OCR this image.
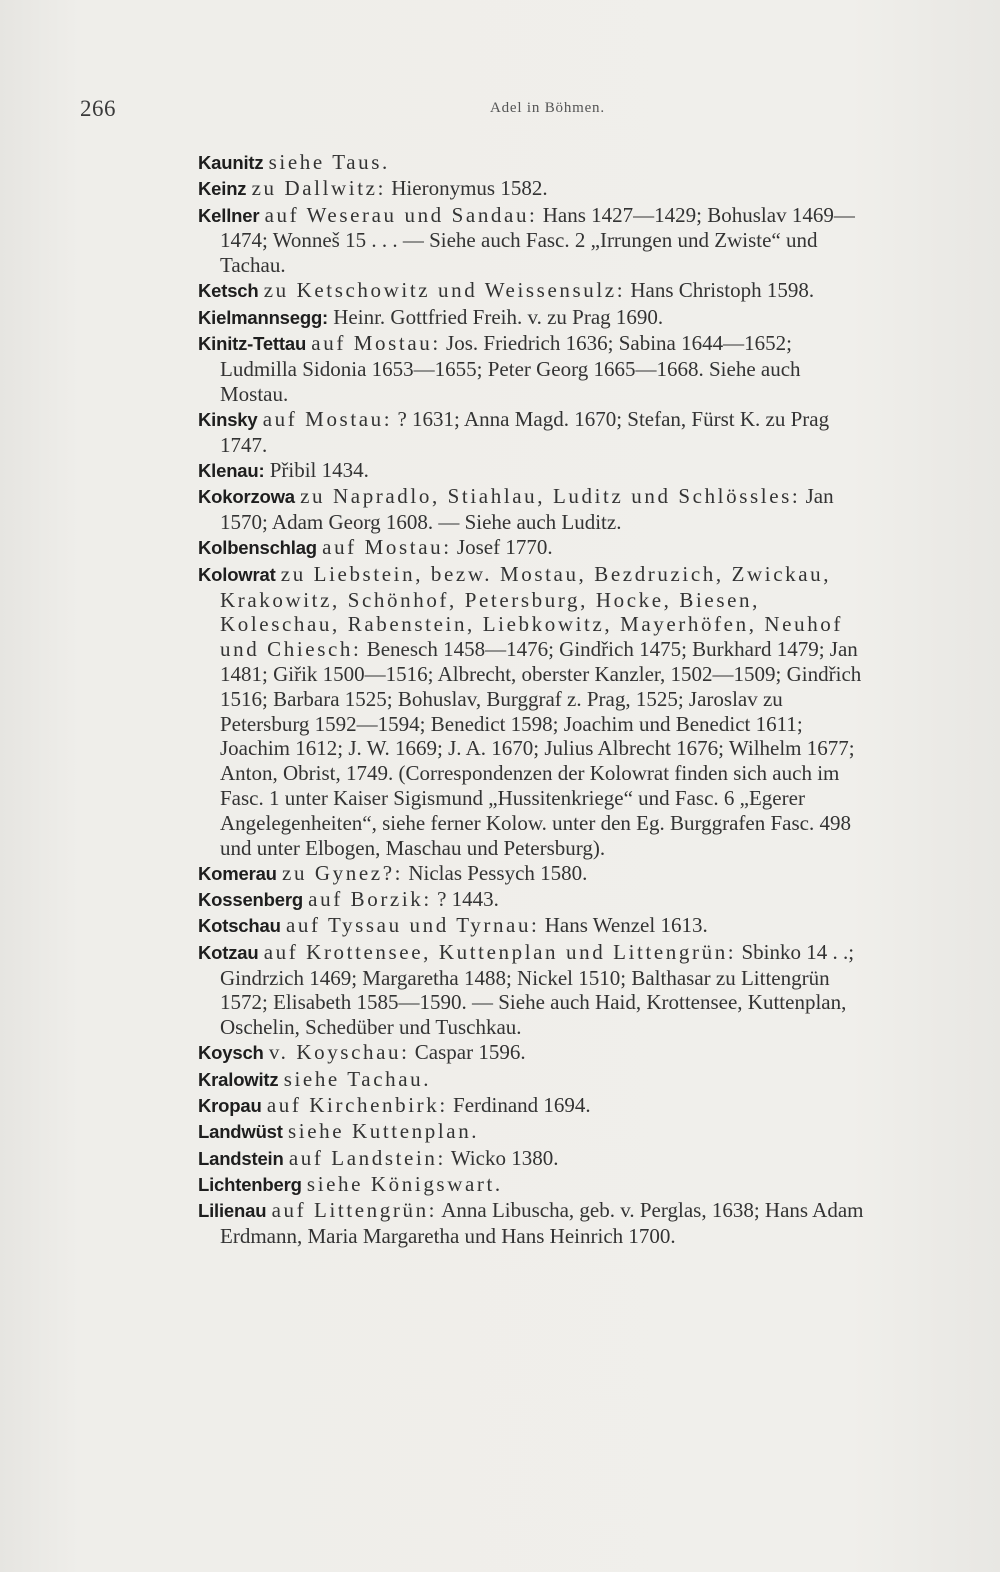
266	Adel in Böhmen.

Kaunitz siehe Taus.

Keinz zu Dallwitz: Hieronymus 1582.

Kellner auf Weserau und Sandau: Hans 1427—1429; Bohuslav 1469—1474; Wonneš 15 . . . — Siehe auch Fasc. 2 „Irrungen und Zwiste“ und Tachau.

Ketsch zu Ketschowitz und Weissensulz: Hans Christoph 1598.

Kielmannsegg: Heinr. Gottfried Freih. v. zu Prag 1690.

Kinitz-Tettau auf Mostau: Jos. Friedrich 1636; Sabina 1644—1652; Ludmilla Sidonia 1653—1655; Peter Georg 1665—1668. Siehe auch Mostau.

Kinsky auf Mostau: ? 1631; Anna Magd. 1670; Stefan, Fürst K. zu Prag 1747.

Klenau: Přibil 1434.

Kokorzowa zu Napradlo, Stiahlau, Luditz und Schlössles: Jan 1570; Adam Georg 1608. — Siehe auch Luditz.

Kolbenschlag auf Mostau: Josef 1770.

Kolowrat zu Liebstein, bezw. Mostau, Bezdruzich, Zwickau, Krakowitz, Schönhof, Petersburg, Hocke, Biesen, Koleschau, Rabenstein, Liebkowitz, Mayerhöfen, Neuhof und Chiesch: Benesch 1458—1476; Gindřich 1475; Burkhard 1479; Jan 1481; Giřik 1500—1516; Albrecht, oberster Kanzler, 1502—1509; Gindřich 1516; Barbara 1525; Bohuslav, Burggraf z. Prag, 1525; Jaroslav zu Petersburg 1592—1594; Benedict 1598; Joachim und Benedict 1611; Joachim 1612; J. W. 1669; J. A. 1670; Julius Albrecht 1676; Wilhelm 1677; Anton, Obrist, 1749. (Correspondenzen der Kolowrat finden sich auch im Fasc. 1 unter Kaiser Sigismund „Hussitenkriege“ und Fasc. 6 „Egerer Angelegenheiten“, siehe ferner Kolow. unter den Eg. Burggrafen Fasc. 498 und unter Elbogen, Maschau und Petersburg).

Komerau zu Gynez?: Niclas Pessych 1580.

Kossenberg auf Borzik: ? 1443.

Kotschau auf Tyssau und Tyrnau: Hans Wenzel 1613.

Kotzau auf Krottensee, Kuttenplan und Littengrün: Sbinko 14 . .; Gindrzich 1469; Margaretha 1488; Nickel 1510; Balthasar zu Littengrün 1572; Elisabeth 1585—1590. — Siehe auch Haid, Krottensee, Kuttenplan, Oschelin, Schedüber und Tuschkau.

Koysch v. Koyschau: Caspar 1596.

Kralowitz siehe Tachau.

Kropau auf Kirchenbirk: Ferdinand 1694.

Landwüst siehe Kuttenplan.

Landstein auf Landstein: Wicko 1380.

Lichtenberg siehe Königswart.

Lilienau auf Littengrün: Anna Libuscha, geb. v. Perglas, 1638; Hans Adam Erdmann, Maria Margaretha und Hans Heinrich 1700.
